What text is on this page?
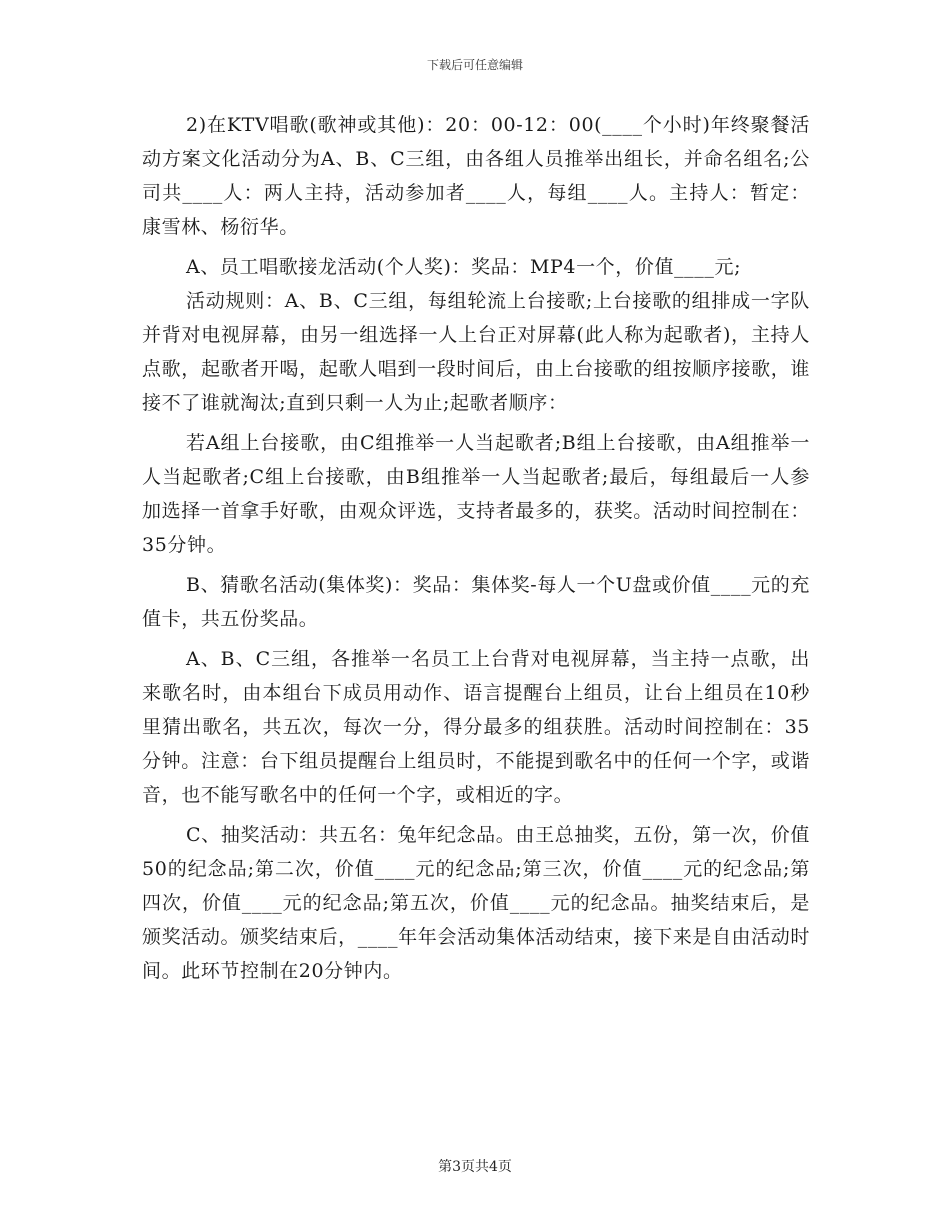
下载后可任意编辑

2)在KTV唱歌(歌神或其他)：20：00-12：00(____个小时)年终聚餐活动方案文化活动分为A、B、C三组，由各组人员推举出组长，并命名组名;公司共____人：两人主持，活动参加者____人，每组____人。主持人：暂定：康雪林、杨衍华。

A、员工唱歌接龙活动(个人奖)：奖品：MP4一个，价值____元;

活动规则：A、B、C三组，每组轮流上台接歌;上台接歌的组排成一字队并背对电视屏幕，由另一组选择一人上台正对屏幕(此人称为起歌者)，主持人点歌，起歌者开喝，起歌人唱到一段时间后，由上台接歌的组按顺序接歌，谁接不了谁就淘汰;直到只剩一人为止;起歌者顺序：

若A组上台接歌，由C组推举一人当起歌者;B组上台接歌，由A组推举一人当起歌者;C组上台接歌，由B组推举一人当起歌者;最后，每组最后一人参加选择一首拿手好歌，由观众评选，支持者最多的，获奖。活动时间控制在：35分钟。

B、猜歌名活动(集体奖)：奖品：集体奖-每人一个U盘或价值____元的充值卡，共五份奖品。

A、B、C三组，各推举一名员工上台背对电视屏幕，当主持一点歌，出来歌名时，由本组台下成员用动作、语言提醒台上组员，让台上组员在10秒里猜出歌名，共五次，每次一分，得分最多的组获胜。活动时间控制在：35分钟。注意：台下组员提醒台上组员时，不能提到歌名中的任何一个字，或谐音，也不能写歌名中的任何一个字，或相近的字。

C、抽奖活动：共五名：兔年纪念品。由王总抽奖，五份，第一次，价值50的纪念品;第二次，价值____元的纪念品;第三次，价值____元的纪念品;第四次，价值____元的纪念品;第五次，价值____元的纪念品。抽奖结束后，是颁奖活动。颁奖结束后，____年年会活动集体活动结束，接下来是自由活动时间。此环节控制在20分钟内。

第3页共4页
